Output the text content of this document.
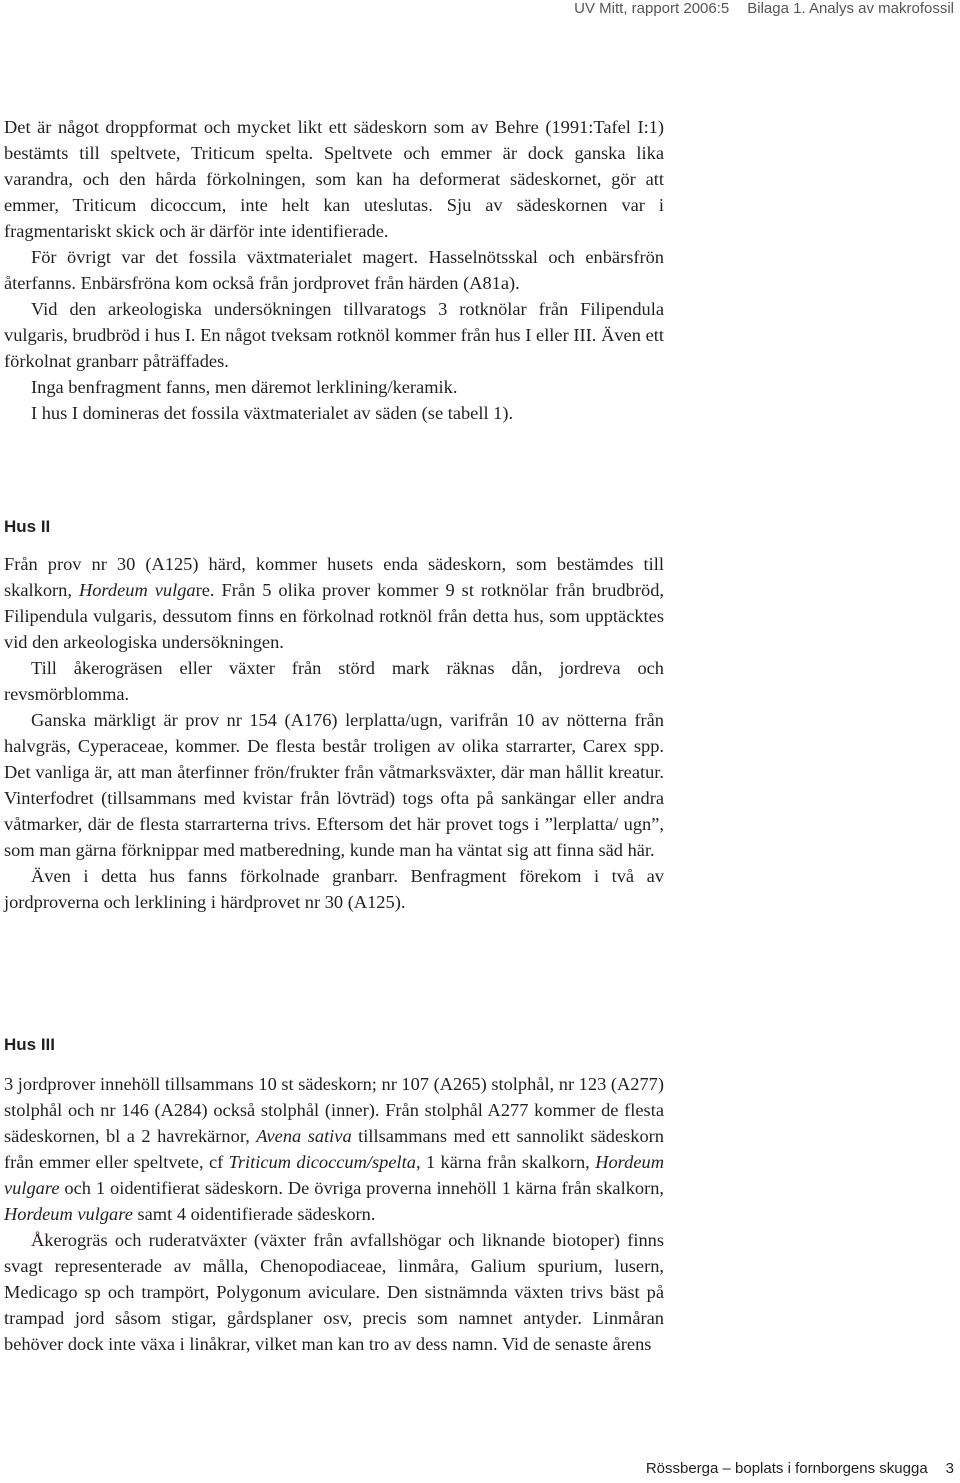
UV Mitt, rapport 2006:5 Bilaga 1. Analys av makrofossil

Det är något droppformat och mycket likt ett sädeskorn som av Behre (1991:Tafel I:1) bestämts till speltvete, Triticum spelta. Speltvete och emmer är dock ganska lika varandra, och den hårda förkolningen, som kan ha deformerat sädeskornet, gör att emmer, Triticum dicoccum, inte helt kan uteslutas. Sju av sädeskornen var i fragmentariskt skick och är därför inte identifierade.

För övrigt var det fossila växtmaterialet magert. Hasselnötsskal och enbärsfrön återfanns. Enbärsfröna kom också från jordprovet från härden (A81a).

Vid den arkeologiska undersökningen tillvaratogs 3 rotknölar från Filipendula vulgaris, brudbröd i hus I. En något tveksam rotknöl kommer från hus I eller III. Även ett förkolnat granbarr påträffades.

Inga benfragment fanns, men däremot lerklining/keramik.

I hus I domineras det fossila växtmaterialet av säden (se tabell 1).

Hus II

Från prov nr 30 (A125) härd, kommer husets enda sädeskorn, som bestämdes till skalkorn, Hordeum vulgare. Från 5 olika prover kommer 9 st rotknölar från brudbröd, Filipendula vulgaris, dessutom finns en förkolnad rotknöl från detta hus, som upptäcktes vid den arkeologiska undersökningen.

Till åkerogräsen eller växter från störd mark räknas dån, jordreva och revsmörblomma.

Ganska märkligt är prov nr 154 (A176) lerplatta/ugn, varifrån 10 av nötterna från halvgräs, Cyperaceae, kommer. De flesta består troligen av olika starrarter, Carex spp. Det vanliga är, att man återfinner frön/frukter från våtmarksväxter, där man hållit kreatur. Vinterfodret (tillsammans med kvistar från lövträd) togs ofta på sankängar eller andra våtmarker, där de flesta starrarterna trivs. Eftersom det här provet togs i ”lerplatta/ ugn”, som man gärna förknippar med matberedning, kunde man ha väntat sig att finna säd här.

Även i detta hus fanns förkolnade granbarr. Benfragment förekom i två av jordproverna och lerklining i härdprovet nr 30 (A125).

Hus III

3 jordprover innehöll tillsammans 10 st sädeskorn; nr 107 (A265) stolphål, nr 123 (A277) stolphål och nr 146 (A284) också stolphål (inner). Från stolphål A277 kommer de flesta sädeskornen, bl a 2 havrekärnor, Avena sativa tillsammans med ett sannolikt sädeskorn från emmer eller speltvete, cf Triticum dicoccum/spelta, 1 kärna från skalkorn, Hordeum vulgare och 1 oidentifierat sädeskorn. De övriga proverna innehöll 1 kärna från skalkorn, Hordeum vulgare samt 4 oidentifierade sädeskorn.

Åkerogräs och ruderatväxter (växter från avfallshögar och liknande biotoper) finns svagt representerade av målla, Chenopodiaceae, linmåra, Galium spurium, lusern, Medicago sp och trampört, Polygonum aviculare. Den sistnämnda växten trivs bäst på trampad jord såsom stigar, gårdsplaner osv, precis som namnet antyder. Linmåran behöver dock inte växa i linåkrar, vilket man kan tro av dess namn. Vid de senaste årens

Rössberga – boplats i fornborgens skugga 3
